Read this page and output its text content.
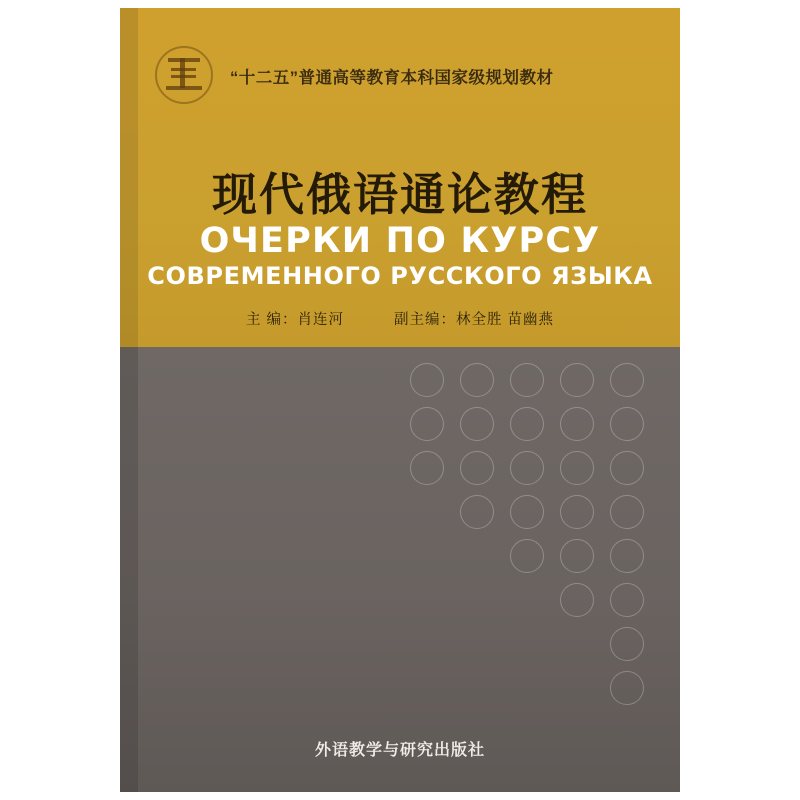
“十二五”普通高等教育本科国家级规划教材
现代俄语通论教程
ОЧЕРКИ ПО КУРСУ
СОВРЕМЕННОГО РУССКОГО ЯЗЫКА
主 编：肖连河	副主编：林全胜 苗幽燕
外语教学与研究出版社
